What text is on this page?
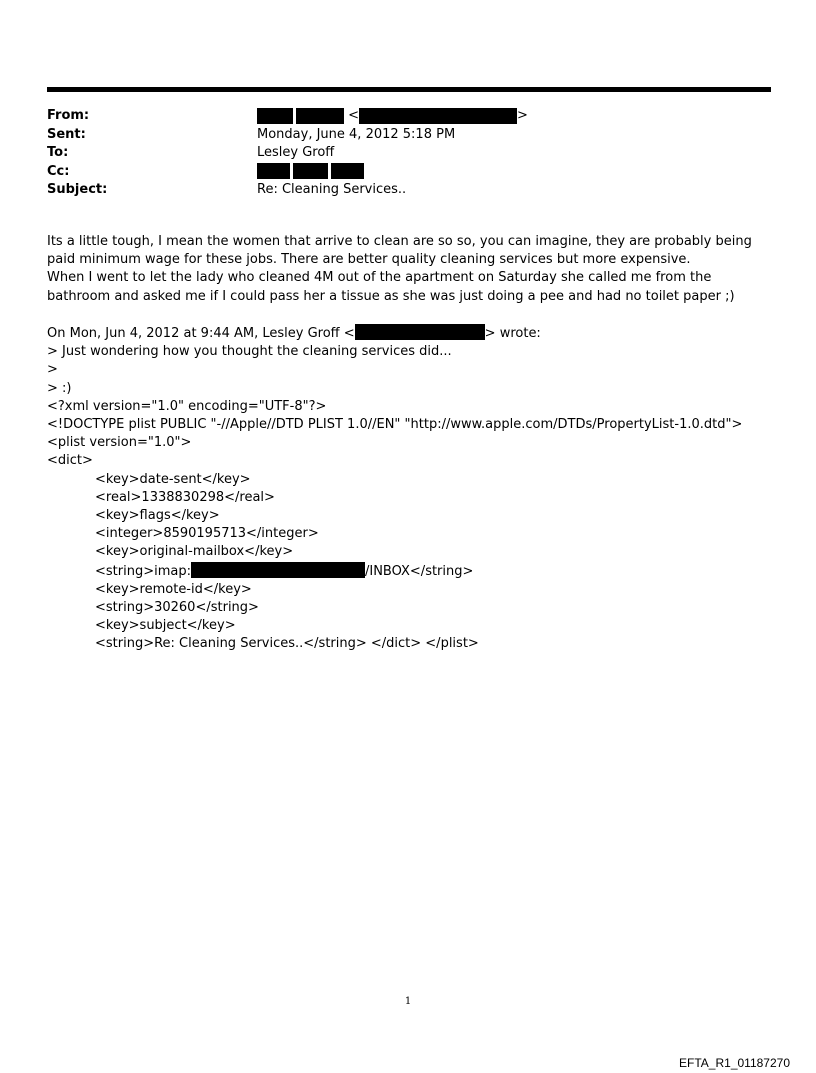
From:	<	>
Sent:	Monday, June 4, 2012 5:18 PM
To:	Lesley Groff
Cc:
Subject:	Re: Cleaning Services..

Its a little tough, I mean the women that arrive to clean are so so, you can imagine, they are probably being paid minimum wage for these jobs. There are better quality cleaning services but more expensive.

When I went to let the lady who cleaned 4M out of the apartment on Saturday she called me from the bathroom and asked me if I could pass her a tissue as she was just doing a pee and had no toilet paper ;)

On Mon, Jun 4, 2012 at 9:44 AM, Lesley Groff <	> wrote:

> Just wondering how you thought the cleaning services did...

>

> :)

<?xml version="1.0" encoding="UTF-8"?>

<!DOCTYPE plist PUBLIC "-//Apple//DTD PLIST 1.0//EN" "http://www.apple.com/DTDs/PropertyList-1.0.dtd">

<plist version="1.0">

<dict>

<key>date-sent</key>

<real>1338830298</real>

<key>flags</key>

<integer>8590195713</integer>

<key>original-mailbox</key>

<string>imap:	/INBOX</string>

<key>remote-id</key>

<string>30260</string>

<key>subject</key>

<string>Re: Cleaning Services..</string> </dict> </plist>

1
EFTA_R1_01187270
